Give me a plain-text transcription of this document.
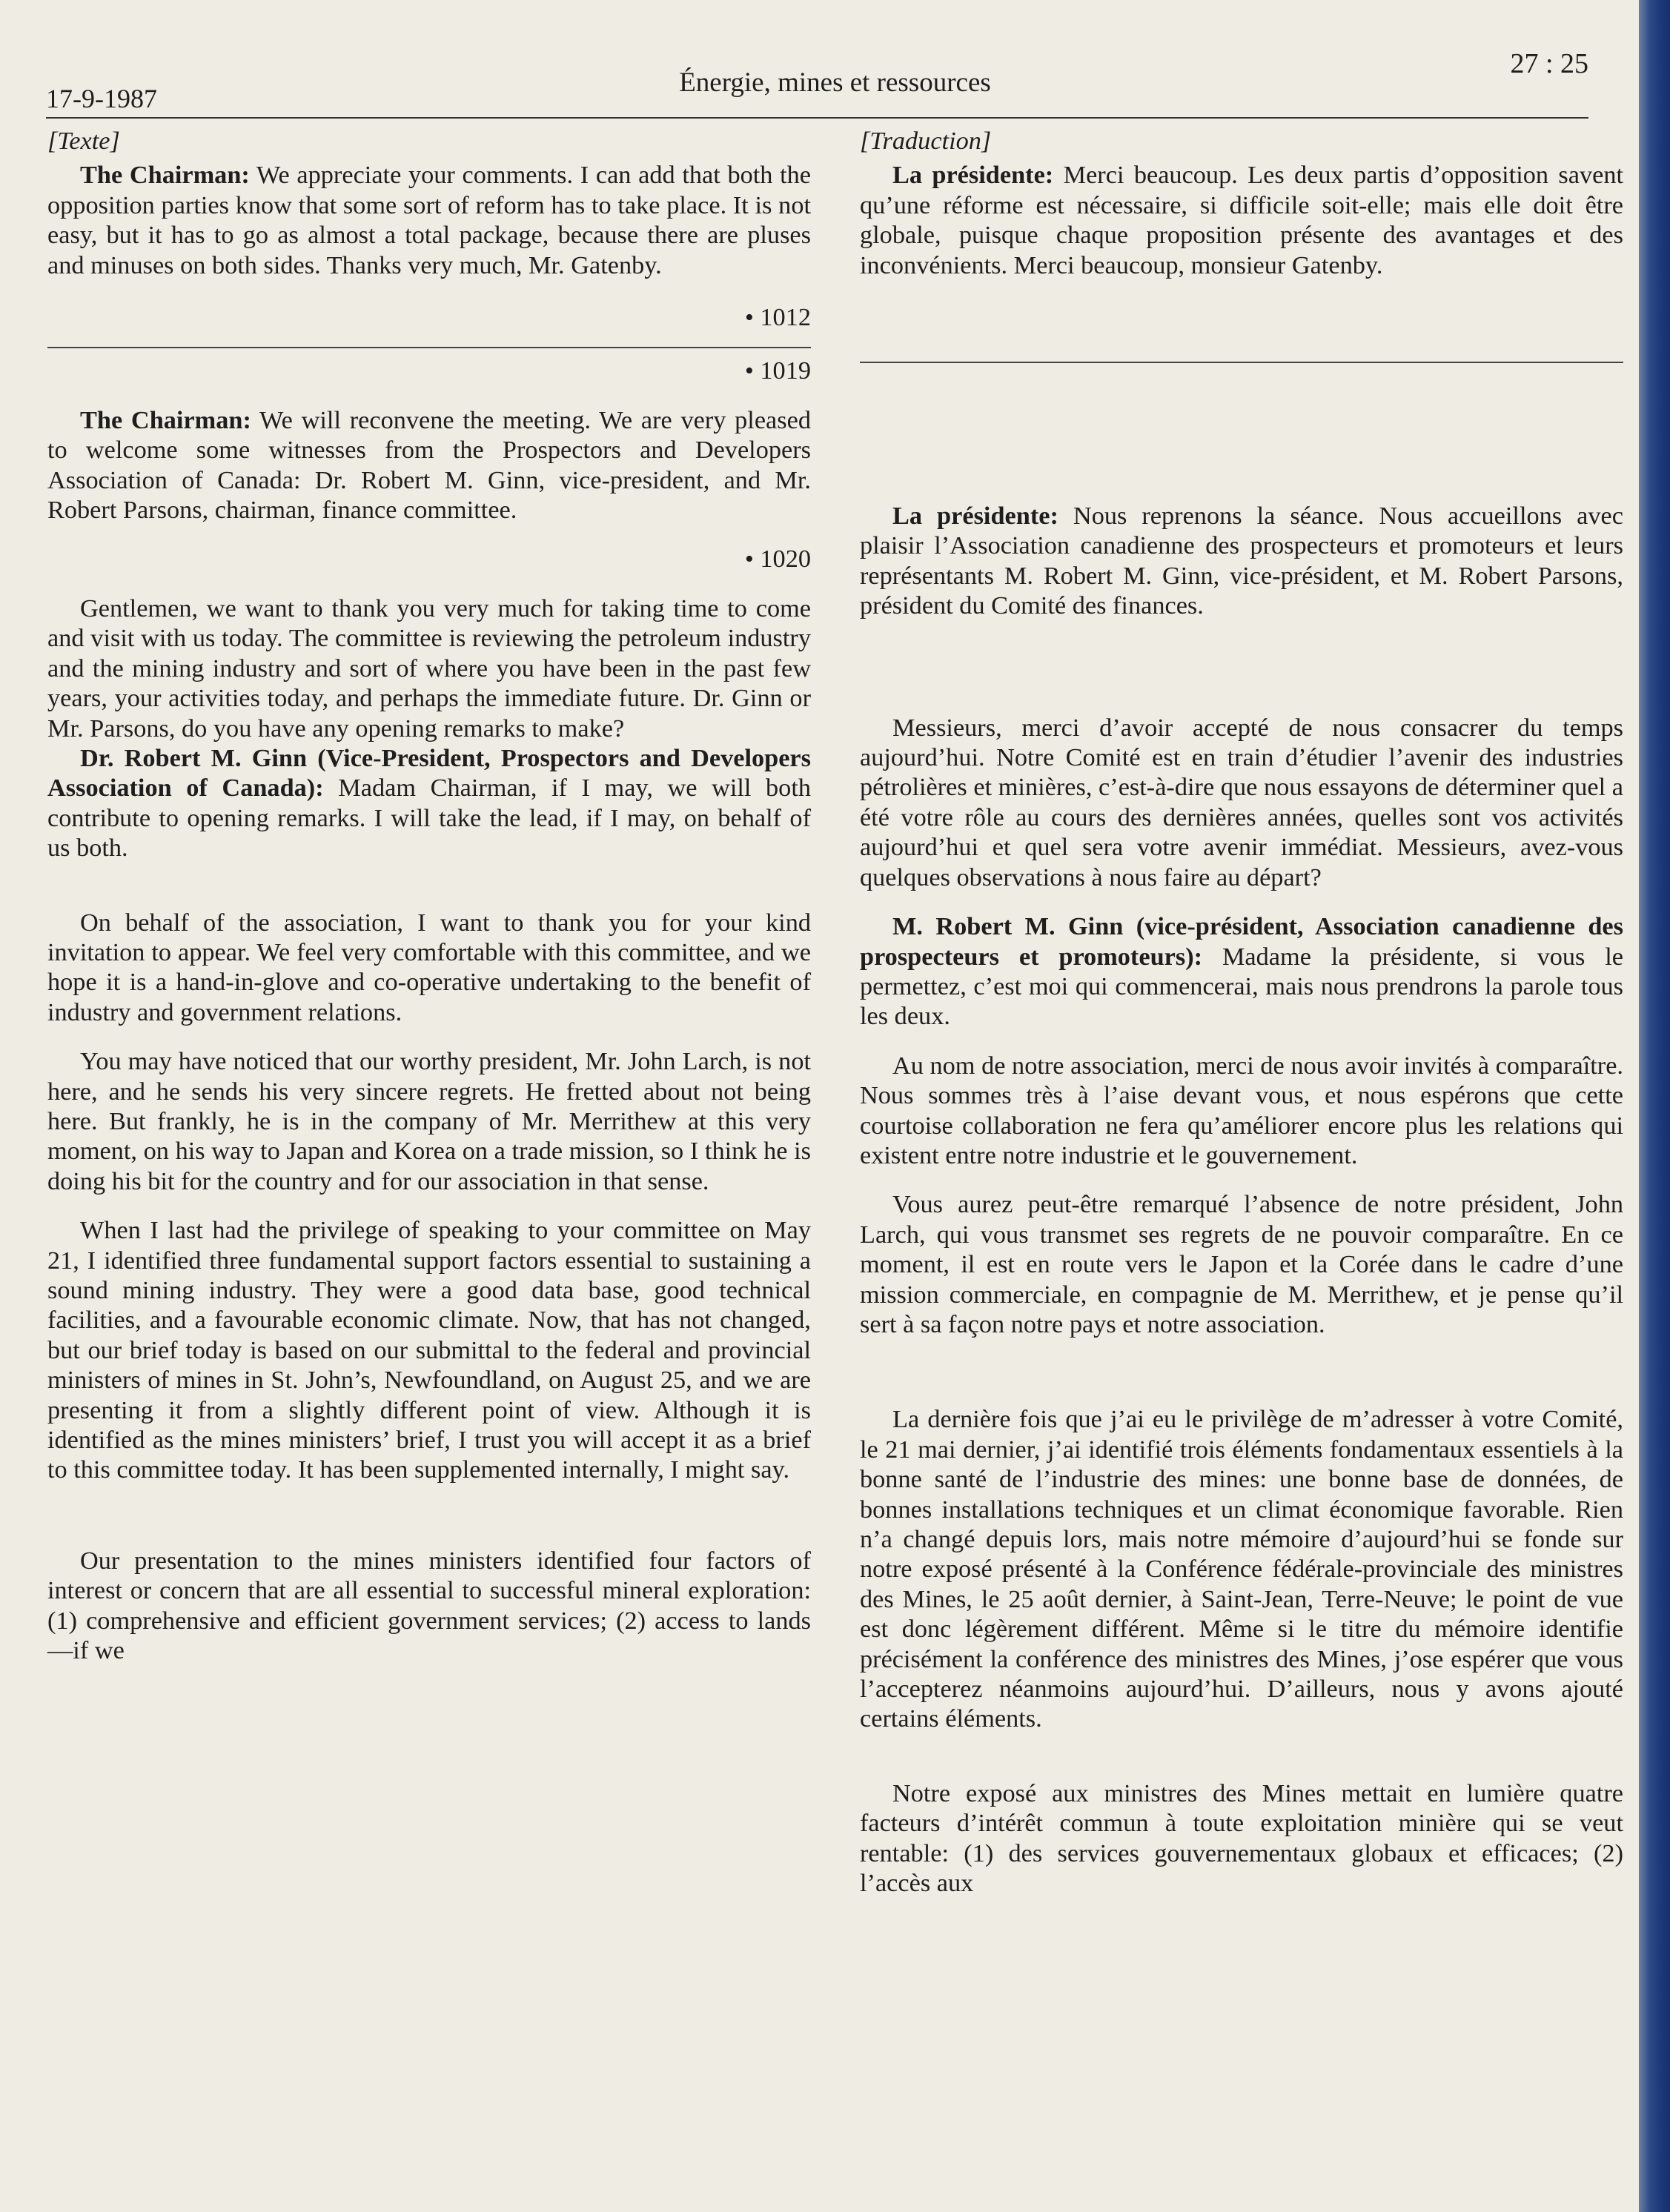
17-9-1987
Énergie, mines et ressources
27 : 25

[Texte]

The Chairman: We appreciate your comments. I can add that both the opposition parties know that some sort of reform has to take place. It is not easy, but it has to go as almost a total package, because there are pluses and minuses on both sides. Thanks very much, Mr. Gatenby.

• 1012

• 1019

The Chairman: We will reconvene the meeting. We are very pleased to welcome some witnesses from the Prospectors and Developers Association of Canada: Dr. Robert M. Ginn, vice-president, and Mr. Robert Parsons, chairman, finance committee.

• 1020

Gentlemen, we want to thank you very much for taking time to come and visit with us today. The committee is reviewing the petroleum industry and the mining industry and sort of where you have been in the past few years, your activities today, and perhaps the immediate future. Dr. Ginn or Mr. Parsons, do you have any opening remarks to make?

Dr. Robert M. Ginn (Vice-President, Prospectors and Developers Association of Canada): Madam Chairman, if I may, we will both contribute to opening remarks. I will take the lead, if I may, on behalf of us both.

On behalf of the association, I want to thank you for your kind invitation to appear. We feel very comfortable with this committee, and we hope it is a hand-in-glove and co-operative undertaking to the benefit of industry and government relations.

You may have noticed that our worthy president, Mr. John Larch, is not here, and he sends his very sincere regrets. He fretted about not being here. But frankly, he is in the company of Mr. Merrithew at this very moment, on his way to Japan and Korea on a trade mission, so I think he is doing his bit for the country and for our association in that sense.

When I last had the privilege of speaking to your committee on May 21, I identified three fundamental support factors essential to sustaining a sound mining industry. They were a good data base, good technical facilities, and a favourable economic climate. Now, that has not changed, but our brief today is based on our submittal to the federal and provincial ministers of mines in St. John’s, Newfoundland, on August 25, and we are presenting it from a slightly different point of view. Although it is identified as the mines ministers’ brief, I trust you will accept it as a brief to this committee today. It has been supplemented internally, I might say.

Our presentation to the mines ministers identified four factors of interest or concern that are all essential to successful mineral exploration: (1) comprehensive and efficient government services; (2) access to lands—if we

[Traduction]

La présidente: Merci beaucoup. Les deux partis d’opposition savent qu’une réforme est nécessaire, si difficile soit-elle; mais elle doit être globale, puisque chaque proposition présente des avantages et des inconvénients. Merci beaucoup, monsieur Gatenby.

La présidente: Nous reprenons la séance. Nous accueillons avec plaisir l’Association canadienne des prospecteurs et promoteurs et leurs représentants M. Robert M. Ginn, vice-président, et M. Robert Parsons, président du Comité des finances.

Messieurs, merci d’avoir accepté de nous consacrer du temps aujourd’hui. Notre Comité est en train d’étudier l’avenir des industries pétrolières et minières, c’est-à-dire que nous essayons de déterminer quel a été votre rôle au cours des dernières années, quelles sont vos activités aujourd’hui et quel sera votre avenir immédiat. Messieurs, avez-vous quelques observations à nous faire au départ?

M. Robert M. Ginn (vice-président, Association canadienne des prospecteurs et promoteurs): Madame la présidente, si vous le permettez, c’est moi qui commencerai, mais nous prendrons la parole tous les deux.

Au nom de notre association, merci de nous avoir invités à comparaître. Nous sommes très à l’aise devant vous, et nous espérons que cette courtoise collaboration ne fera qu’améliorer encore plus les relations qui existent entre notre industrie et le gouvernement.

Vous aurez peut-être remarqué l’absence de notre président, John Larch, qui vous transmet ses regrets de ne pouvoir comparaître. En ce moment, il est en route vers le Japon et la Corée dans le cadre d’une mission commerciale, en compagnie de M. Merrithew, et je pense qu’il sert à sa façon notre pays et notre association.

La dernière fois que j’ai eu le privilège de m’adresser à votre Comité, le 21 mai dernier, j’ai identifié trois éléments fondamentaux essentiels à la bonne santé de l’industrie des mines: une bonne base de données, de bonnes installations techniques et un climat économique favorable. Rien n’a changé depuis lors, mais notre mémoire d’aujourd’hui se fonde sur notre exposé présenté à la Conférence fédérale-provinciale des ministres des Mines, le 25 août dernier, à Saint-Jean, Terre-Neuve; le point de vue est donc légèrement différent. Même si le titre du mémoire identifie précisément la conférence des ministres des Mines, j’ose espérer que vous l’accepterez néanmoins aujourd’hui. D’ailleurs, nous y avons ajouté certains éléments.

Notre exposé aux ministres des Mines mettait en lumière quatre facteurs d’intérêt commun à toute exploitation minière qui se veut rentable: (1) des services gouvernementaux globaux et efficaces; (2) l’accès aux
